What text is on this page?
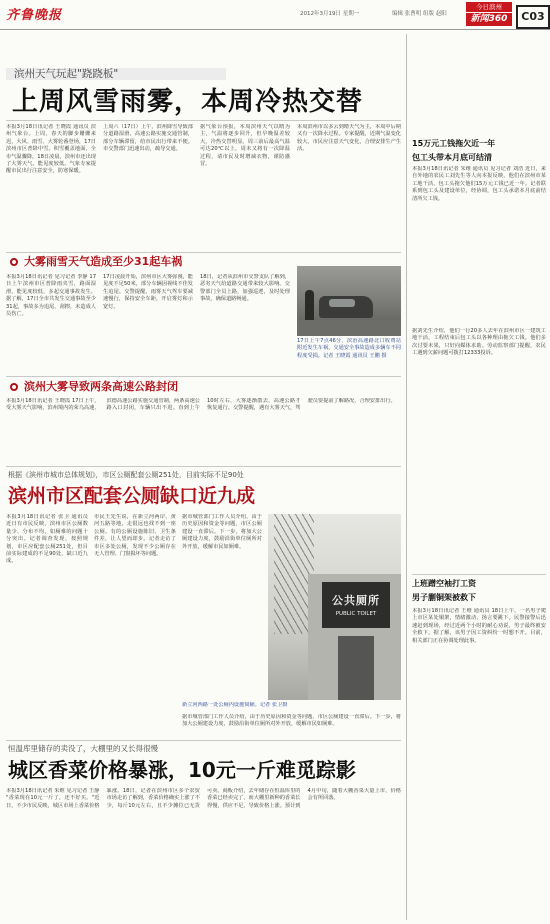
齐鲁晚报	2012年3月19日 星期一	编辑 张曹明 组版 赵阳
今日滨州
新闻360	C03
滨州天气玩起"跷跷板"
上周风雪雨雾，本周冷热交替
本报3月18日讯记者 王晓霞 通讯员 滨州气象台。上周，春天的脚步姗姗来迟，大风、雨雪、大雾轮番登场，17日滨州市区普降中雪，积雪覆盖地面，全市气温骤降。18日凌晨，滨州市还出现了大雾天气，能见度较低。气象专家提醒市民出行注意安全，防寒保暖。
上周六（17日）上午，滨州降雪导致部分道路湿滑，高速公路实施交通管制，部分车辆滞留，给市民出行带来不便。市交警部门迅速出动，疏导交通。
据气象台预报，本周滨州天气以晴为主，气温将逐步回升，但早晚温差较大，冷热交替明显。周三前后最高气温可达20℃以上，周末又将有一次降温过程，请市民及时增减衣物，谨防感冒。
本周滨州市以多云到晴天气为主，本周中后期又有一次降水过程。专家提醒，近期气温变化较大，市民应注意天气变化，合理安排生产生活。
大雾雨雪天气造成至少31起车祸
本报3月18日讯记者 见习记者 李静 17日上午滨州市区普降雨夹雪，路面湿滑，能见度较低，多起交通事故发生。据了解，17日全市共发生交通事故至少31起，事故多为追尾、刮擦，未造成人员伤亡。
17日凌晨开始，滨州市区大雾弥漫，能见度不足50米，部分车辆因视线不佳发生追尾。交警提醒，雨雾天气驾车要减速慢行，保持安全车距，开启雾灯和示宽灯。
18日，记者从滨州市交警支队了解到，恶劣天气给道路交通带来较大影响。交警部门全员上路，加强巡逻，及时处理事故，确保道路畅通。
17日上午7点46分，滨治高速路北口收费站附近发生车祸，交通安全事故造成多辆车不同程度受损。记者 王晓霞 通讯员 王鹏 摄
滨州大雾导致两条高速公路封闭
本报3月18日讯记者 王晓霞 17日上午，受大雾天气影响，滨州境内的荣乌高速、滨德高速公路实施交通管制，两条高速公路入口封闭，车辆只出不进。直到上午10时左右，大雾逐渐散去，高速公路才恢复通行。交警提醒，遇有大雾天气，驾驶员要提前了解路况，合理安排出行。
根据《滨州市城市总体规划》，市区公厕配套公厕251处，目前实际不足90处
滨州市区配套公厕缺口近九成
本报3月18日讯记者 张卫 通讯员 近日有市民反映，滨州市区公厕数量少、分布不均，如厕难的问题十分突出。记者调查发现，按照规划，市区应配套公厕251处，但目前实际建成的不足90处，缺口近九成。
市民王先生说，在新立河两岸、黄河五路等地，走很远也找不到一座公厕。有的公厕设施陈旧、卫生条件差，让人望而却步。记者走访了市区多处公厕，发现不少公厕存在无人管理、门窗损坏等问题。
据市城管部门工作人员介绍，由于历史原因和资金等问题，市区公厕建设一直滞后。下一步，将加大公厕建设力度，鼓励沿街单位厕所对外开放，缓解市民如厕难。
公共厕所
PUBLIC TOILET
新立河西路一处公厕内设施简陋。记者 张卫摄
据市城管部门工作人员介绍，由于历史原因和资金等问题，市区公厕建设一直滞后。下一步，将加大公厕建设力度，鼓励沿街单位厕所对外开放，缓解市民如厕难。
恒温库里储存的卖没了，大棚里的又长得很慢
城区香菜价格暴涨，10元一斤难觅踪影
本报3月18日讯记者 朱维 见习记者 王静 "香菜现在10元一斤了，还不好买。"近日，不少市民反映，城区市场上香菜价格暴涨。18日，记者在滨州市区多个农贸市场走访了解到，香菜价格确实上涨了不少，每斤10元左右，且不少摊位已无货可卖。商贩介绍，去年储存在恒温库里的香菜已经卖完了，而大棚里新种的香菜长得慢，供应不足，导致价格上涨。预计到4月中旬，随着大棚香菜大量上市，价格会有所回落。
15万元工钱拖欠近一年
包工头带本月底可结清
本报3月18日讯记者 朱维 通讯员 见习记者 刘浩 近日，来自外地的农民工刘先生等人向本报反映，他们在滨州市某工地干活，包工头拖欠他们15万元工钱已近一年。记者联系到包工头及建设单位，经协调，包工头承诺本月底前结清所欠工钱。
据刘先生介绍，他们一行20多人去年在滨州市区一建筑工地干活，工程结束后包工头以各种理由拖欠工钱。他们多次讨要未果，只好向媒体求助。劳动监察部门提醒，农民工遇到欠薪问题可拨打12333投诉。
上班蹭空袖打工资
男子蒯铜架被救下
本报3月18日讯记者 王维 通讯员 18日上午，一名男子爬上市区某处铜架，情绪激动，扬言要跳下。民警接警后迅速赶到现场，经过近两个小时的耐心劝说，男子最终被安全救下。据了解，该男子因工资纠纷一时想不开。目前，相关部门正在协调处理此事。
